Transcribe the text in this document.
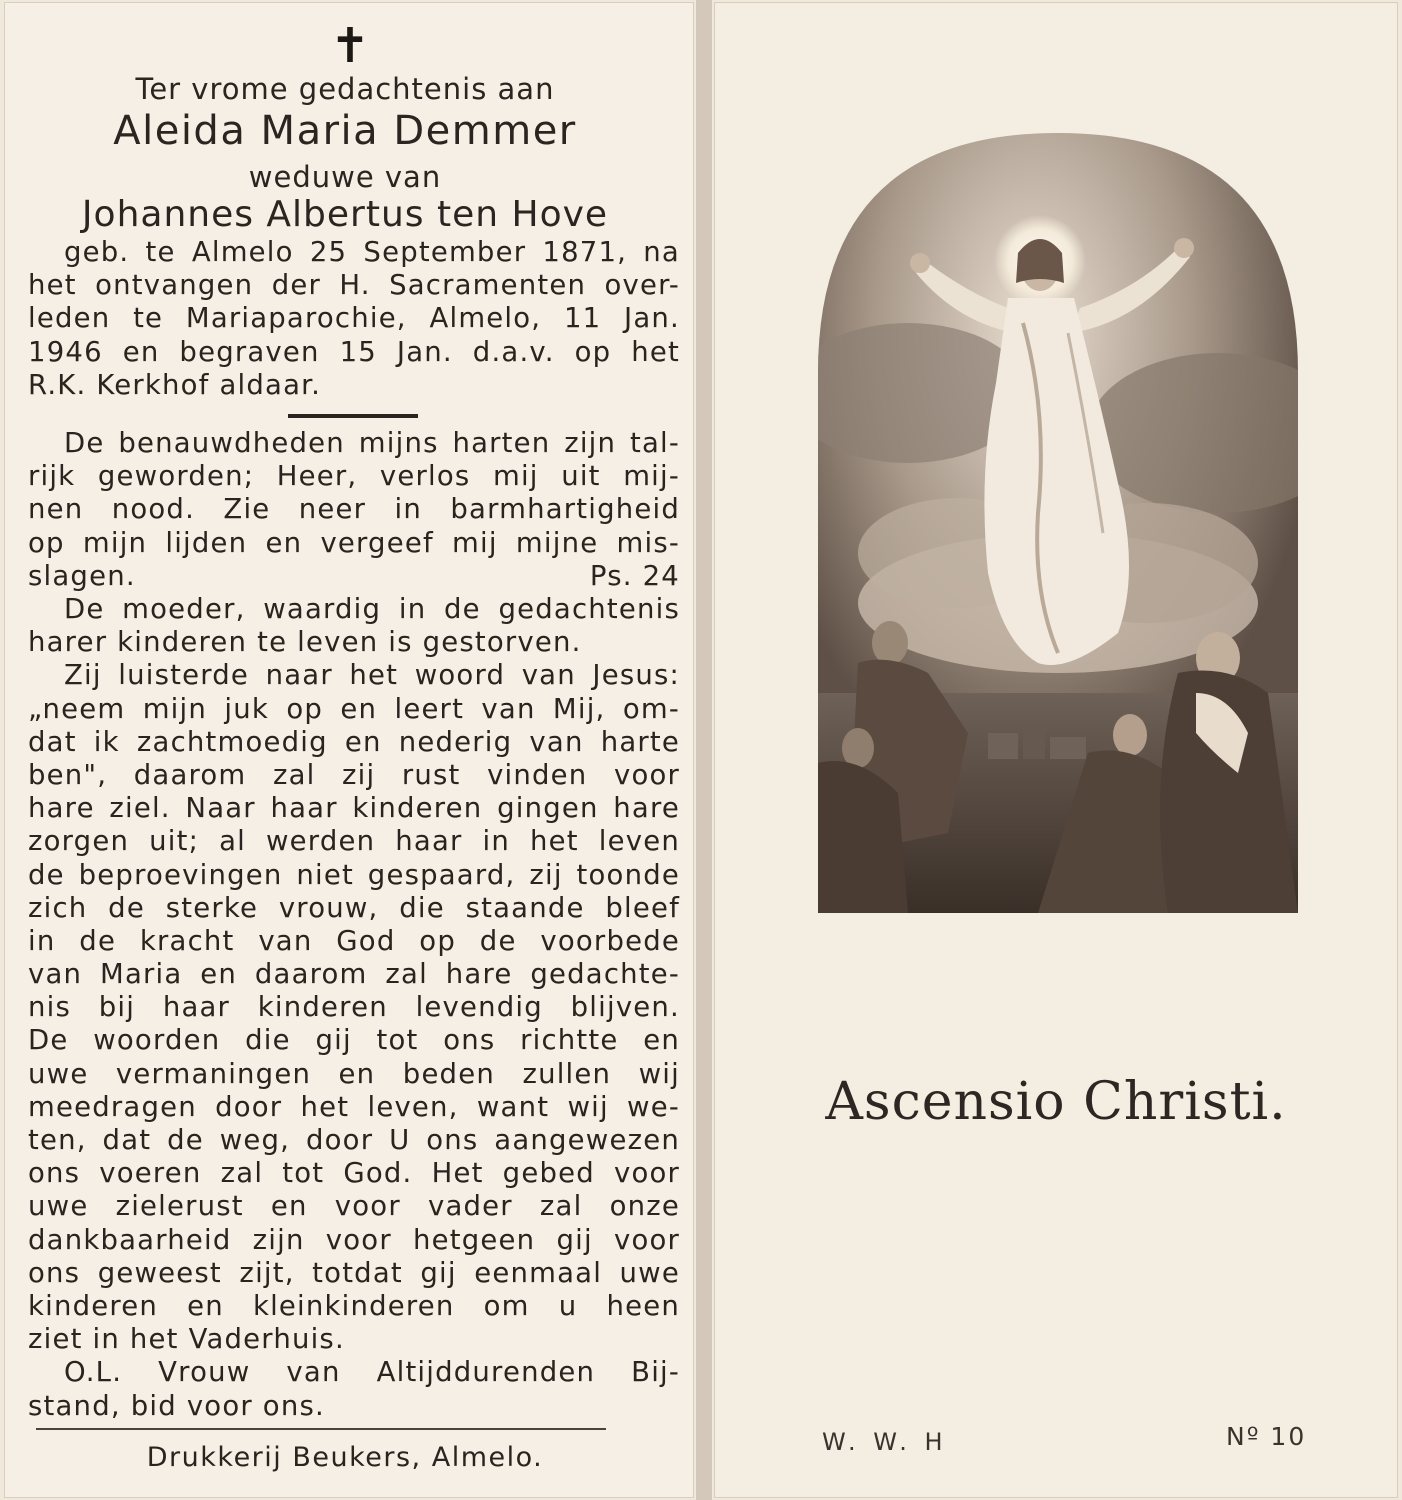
✝
Ter vrome gedachtenis aan
Aleida Maria Demmer
weduwe van
Johannes Albertus ten Hove
geb. te Almelo 25 September 1871, na
het ontvangen der H. Sacramenten over-
leden te Mariaparochie, Almelo, 11 Jan.
1946 en begraven 15 Jan. d.a.v. op het
R.K. Kerkhof aldaar.
De benauwdheden mijns harten zijn tal-
rijk geworden; Heer, verlos mij uit mij-
nen nood. Zie neer in barmhartigheid
op mijn lijden en vergeef mij mijne mis-
slagen.	Ps. 24
De moeder, waardig in de gedachtenis
harer kinderen te leven is gestorven.
Zij luisterde naar het woord van Jesus:
„neem mijn juk op en leert van Mij, om-
dat ik zachtmoedig en nederig van harte
ben", daarom zal zij rust vinden voor
hare ziel. Naar haar kinderen gingen hare
zorgen uit; al werden haar in het leven
de beproevingen niet gespaard, zij toonde
zich de sterke vrouw, die staande bleef
in de kracht van God op de voorbede
van Maria en daarom zal hare gedachte-
nis bij haar kinderen levendig blijven.
De woorden die gij tot ons richtte en
uwe vermaningen en beden zullen wij
meedragen door het leven, want wij we-
ten, dat de weg, door U ons aangewezen
ons voeren zal tot God. Het gebed voor
uwe zielerust en voor vader zal onze
dankbaarheid zijn voor hetgeen gij voor
ons geweest zijt, totdat gij eenmaal uwe
kinderen en kleinkinderen om u heen
ziet in het Vaderhuis.
O.L. Vrouw van Altijddurenden Bij-
stand, bid voor ons.
Drukkerij Beukers, Almelo.
Ascensio Christi.
W. W. H	Nº 10
